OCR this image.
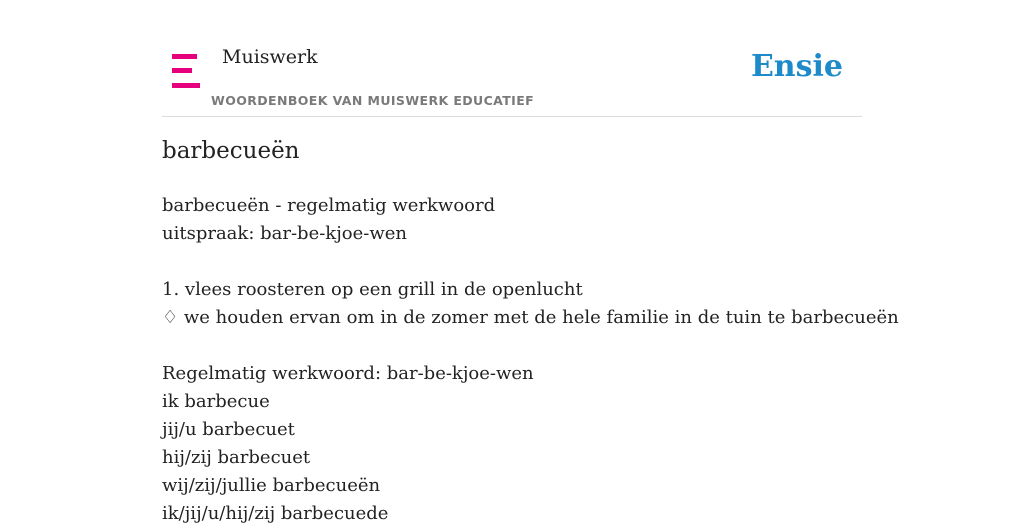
Muiswerk
WOORDENBOEK VAN MUISWERK EDUCATIEF
Ensie
barbecueën
barbecueën - regelmatig werkwoord
uitspraak: bar-be-kjoe-wen
1. vlees roosteren op een grill in de openlucht
♢ we houden ervan om in de zomer met de hele familie in de tuin te barbecueën
Regelmatig werkwoord: bar-be-kjoe-wen
ik barbecue
jij/u barbecuet
hij/zij barbecuet
wij/zij/jullie barbecueën
ik/jij/u/hij/zij barbecuede
